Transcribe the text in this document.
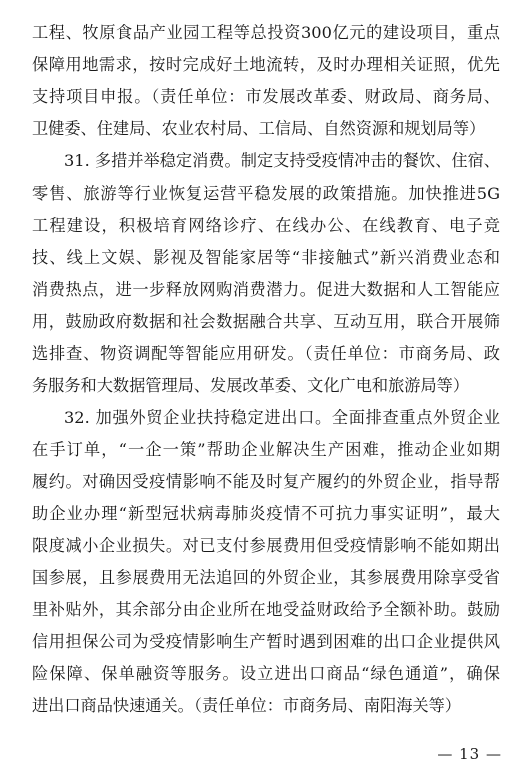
工程、牧原食品产业园工程等总投资300亿元的建设项目，重点
保障用地需求，按时完成好土地流转，及时办理相关证照，优先
支持项目申报。（责任单位：市发展改革委、财政局、商务局、
卫健委、住建局、农业农村局、工信局、自然资源和规划局等）
31. 多措并举稳定消费。制定支持受疫情冲击的餐饮、住宿、
零售、旅游等行业恢复运营平稳发展的政策措施。加快推进5G
工程建设，积极培育网络诊疗、在线办公、在线教育、电子竞
技、线上文娱、影视及智能家居等“非接触式”新兴消费业态和
消费热点，进一步释放网购消费潜力。促进大数据和人工智能应
用，鼓励政府数据和社会数据融合共享、互动互用，联合开展筛
选排查、物资调配等智能应用研发。（责任单位：市商务局、政
务服务和大数据管理局、发展改革委、文化广电和旅游局等）
32. 加强外贸企业扶持稳定进出口。全面排查重点外贸企业
在手订单，“一企一策”帮助企业解决生产困难，推动企业如期
履约。对确因受疫情影响不能及时复产履约的外贸企业，指导帮
助企业办理“新型冠状病毒肺炎疫情不可抗力事实证明”，最大
限度减小企业损失。对已支付参展费用但受疫情影响不能如期出
国参展，且参展费用无法追回的外贸企业，其参展费用除享受省
里补贴外，其余部分由企业所在地受益财政给予全额补助。鼓励
信用担保公司为受疫情影响生产暂时遇到困难的出口企业提供风
险保障、保单融资等服务。设立进出口商品“绿色通道”，确保
进出口商品快速通关。（责任单位：市商务局、南阳海关等）
— 13 —
